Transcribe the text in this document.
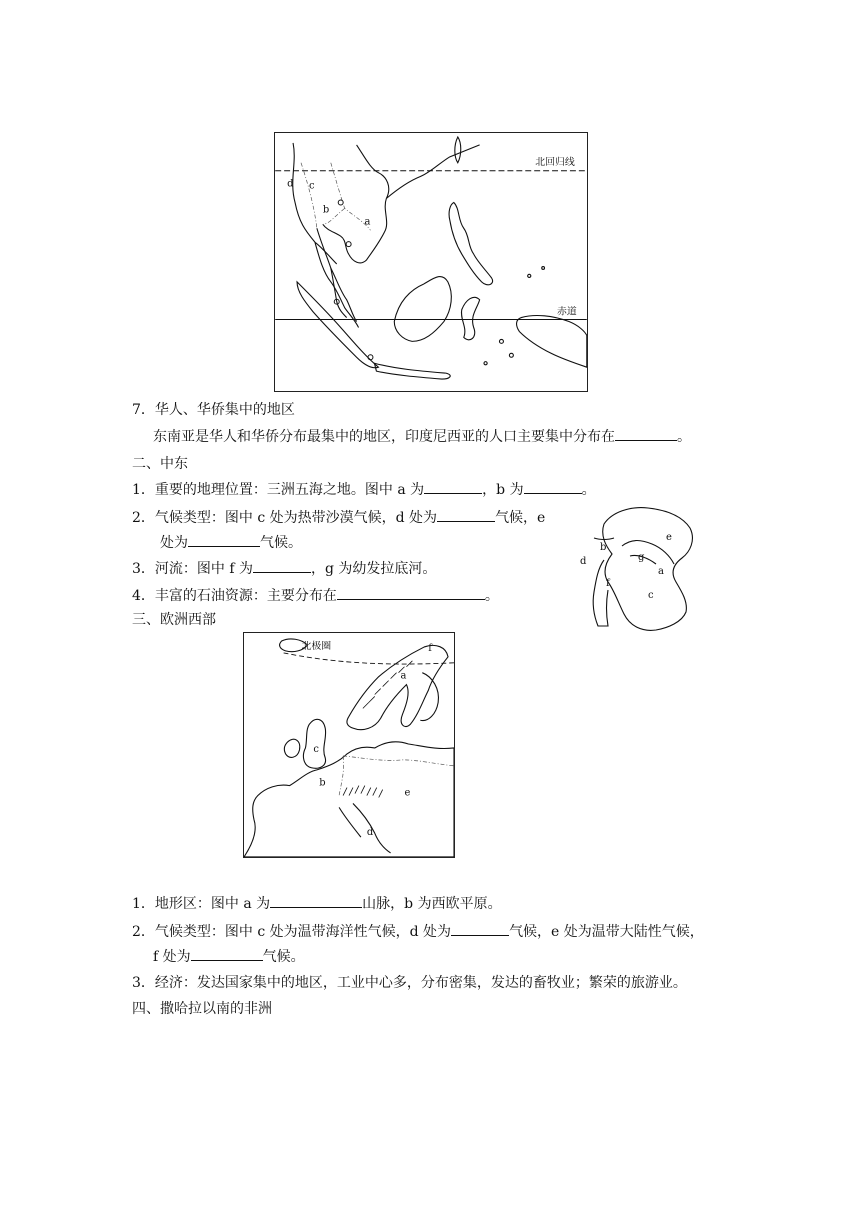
北回归线
赤道
d c
b
a
7．华人、华侨集中的地区
东南亚是华人和华侨分布最集中的地区，印度尼西亚的人口主要集中分布在	。
二、中东
1．重要的地理位置：三洲五海之地。图中 a 为	，b 为	。
2．气候类型：图中 c 处为热带沙漠气候，d 处为	气候，e
处为	气候。
3．河流：图中 f 为	，g 为幼发拉底河。
4．丰富的石油资源：主要分布在	。
e
b
g
d
a
f
c
三、欧洲西部
北极圈
a
f
c
b
e
d
1．地形区：图中 a 为	山脉，b 为西欧平原。
2．气候类型：图中 c 处为温带海洋性气候，d 处为	气候，e 处为温带大陆性气候，
f 处为	气候。
3．经济：发达国家集中的地区，工业中心多，分布密集，发达的畜牧业；繁荣的旅游业。
四、撒哈拉以南的非洲
